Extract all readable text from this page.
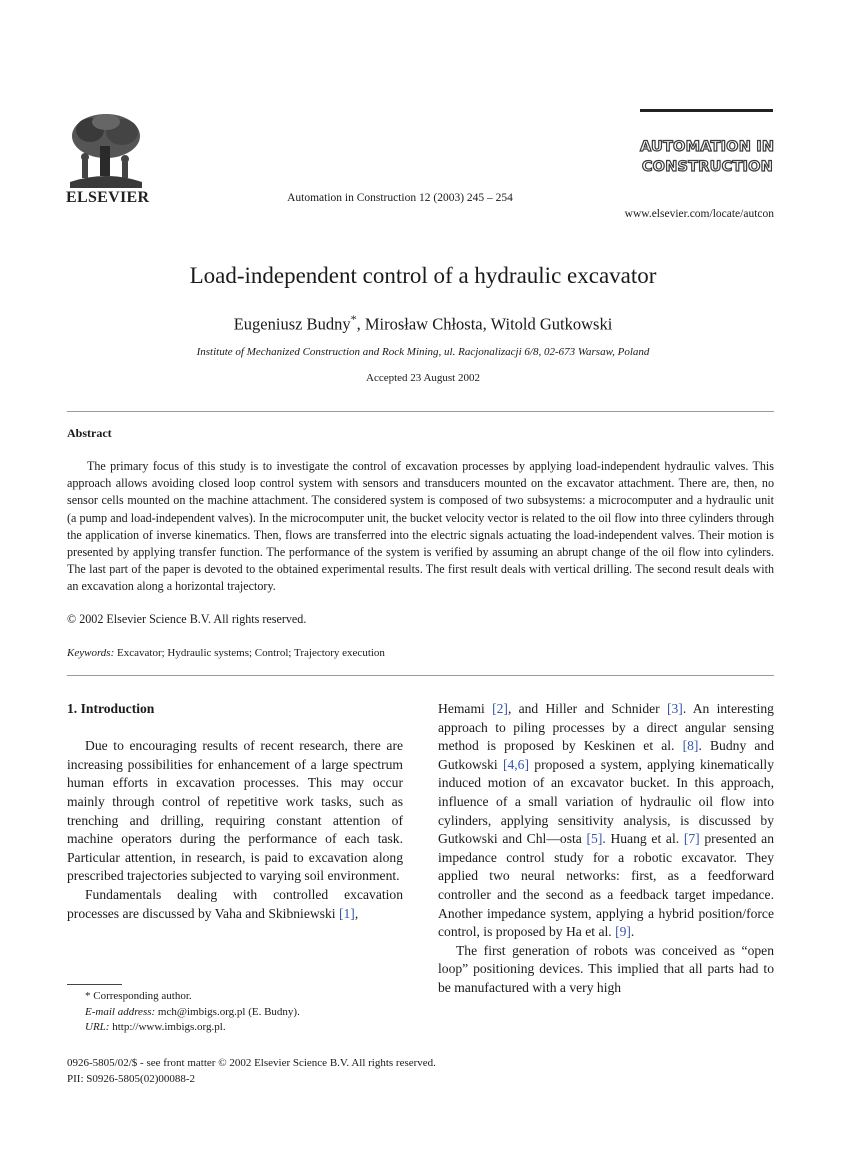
ELSEVIER	Automation in Construction 12 (2003) 245 – 254
AUTOMATION IN
CONSTRUCTION
www.elsevier.com/locate/autcon
Load-independent control of a hydraulic excavator
Eugeniusz Budny*, Mirosław Chłosta, Witold Gutkowski
Institute of Mechanized Construction and Rock Mining, ul. Racjonalizacji 6/8, 02-673 Warsaw, Poland
Accepted 23 August 2002
Abstract

The primary focus of this study is to investigate the control of excavation processes by applying load-independent hydraulic valves. This approach allows avoiding closed loop control system with sensors and transducers mounted on the excavator attachment. There are, then, no sensor cells mounted on the machine attachment. The considered system is composed of two subsystems: a microcomputer and a hydraulic unit (a pump and load-independent valves). In the microcomputer unit, the bucket velocity vector is related to the oil flow into three cylinders through the application of inverse kinematics. Then, flows are transferred into the electric signals actuating the load-independent valves. Their motion is presented by applying transfer function. The performance of the system is verified by assuming an abrupt change of the oil flow into cylinders. The last part of the paper is devoted to the obtained experimental results. The first result deals with vertical drilling. The second result deals with an excavation along a horizontal trajectory.

© 2002 Elsevier Science B.V. All rights reserved.
Keywords: Excavator; Hydraulic systems; Control; Trajectory execution
1. Introduction

Due to encouraging results of recent research, there are increasing possibilities for enhancement of a large spectrum human efforts in excavation processes. This may occur mainly through control of repetitive work tasks, such as trenching and drilling, requiring constant attention of machine operators during the performance of each task. Particular attention, in research, is paid to excavation along prescribed trajectories subjected to varying soil environment.

Fundamentals dealing with controlled excavation processes are discussed by Vaha and Skibniewski [1],

Hemami [2], and Hiller and Schnider [3]. An interesting approach to piling processes by a direct angular sensing method is proposed by Keskinen et al. [8]. Budny and Gutkowski [4,6] proposed a system, applying kinematically induced motion of an excavator bucket. In this approach, influence of a small variation of hydraulic oil flow into cylinders, applying sensitivity analysis, is discussed by Gutkowski and Chl—osta [5]. Huang et al. [7] presented an impedance control study for a robotic excavator. They applied two neural networks: first, as a feedforward controller and the second as a feedback target impedance. Another impedance system, applying a hybrid position/force control, is proposed by Ha et al. [9].

The first generation of robots was conceived as “open loop” positioning devices. This implied that all parts had to be manufactured with a very high

* Corresponding author.
E-mail address: mch@imbigs.org.pl (E. Budny).
URL: http://www.imbigs.org.pl.
0926-5805/02/$ - see front matter © 2002 Elsevier Science B.V. All rights reserved.
PII: S0926-5805(02)00088-2
